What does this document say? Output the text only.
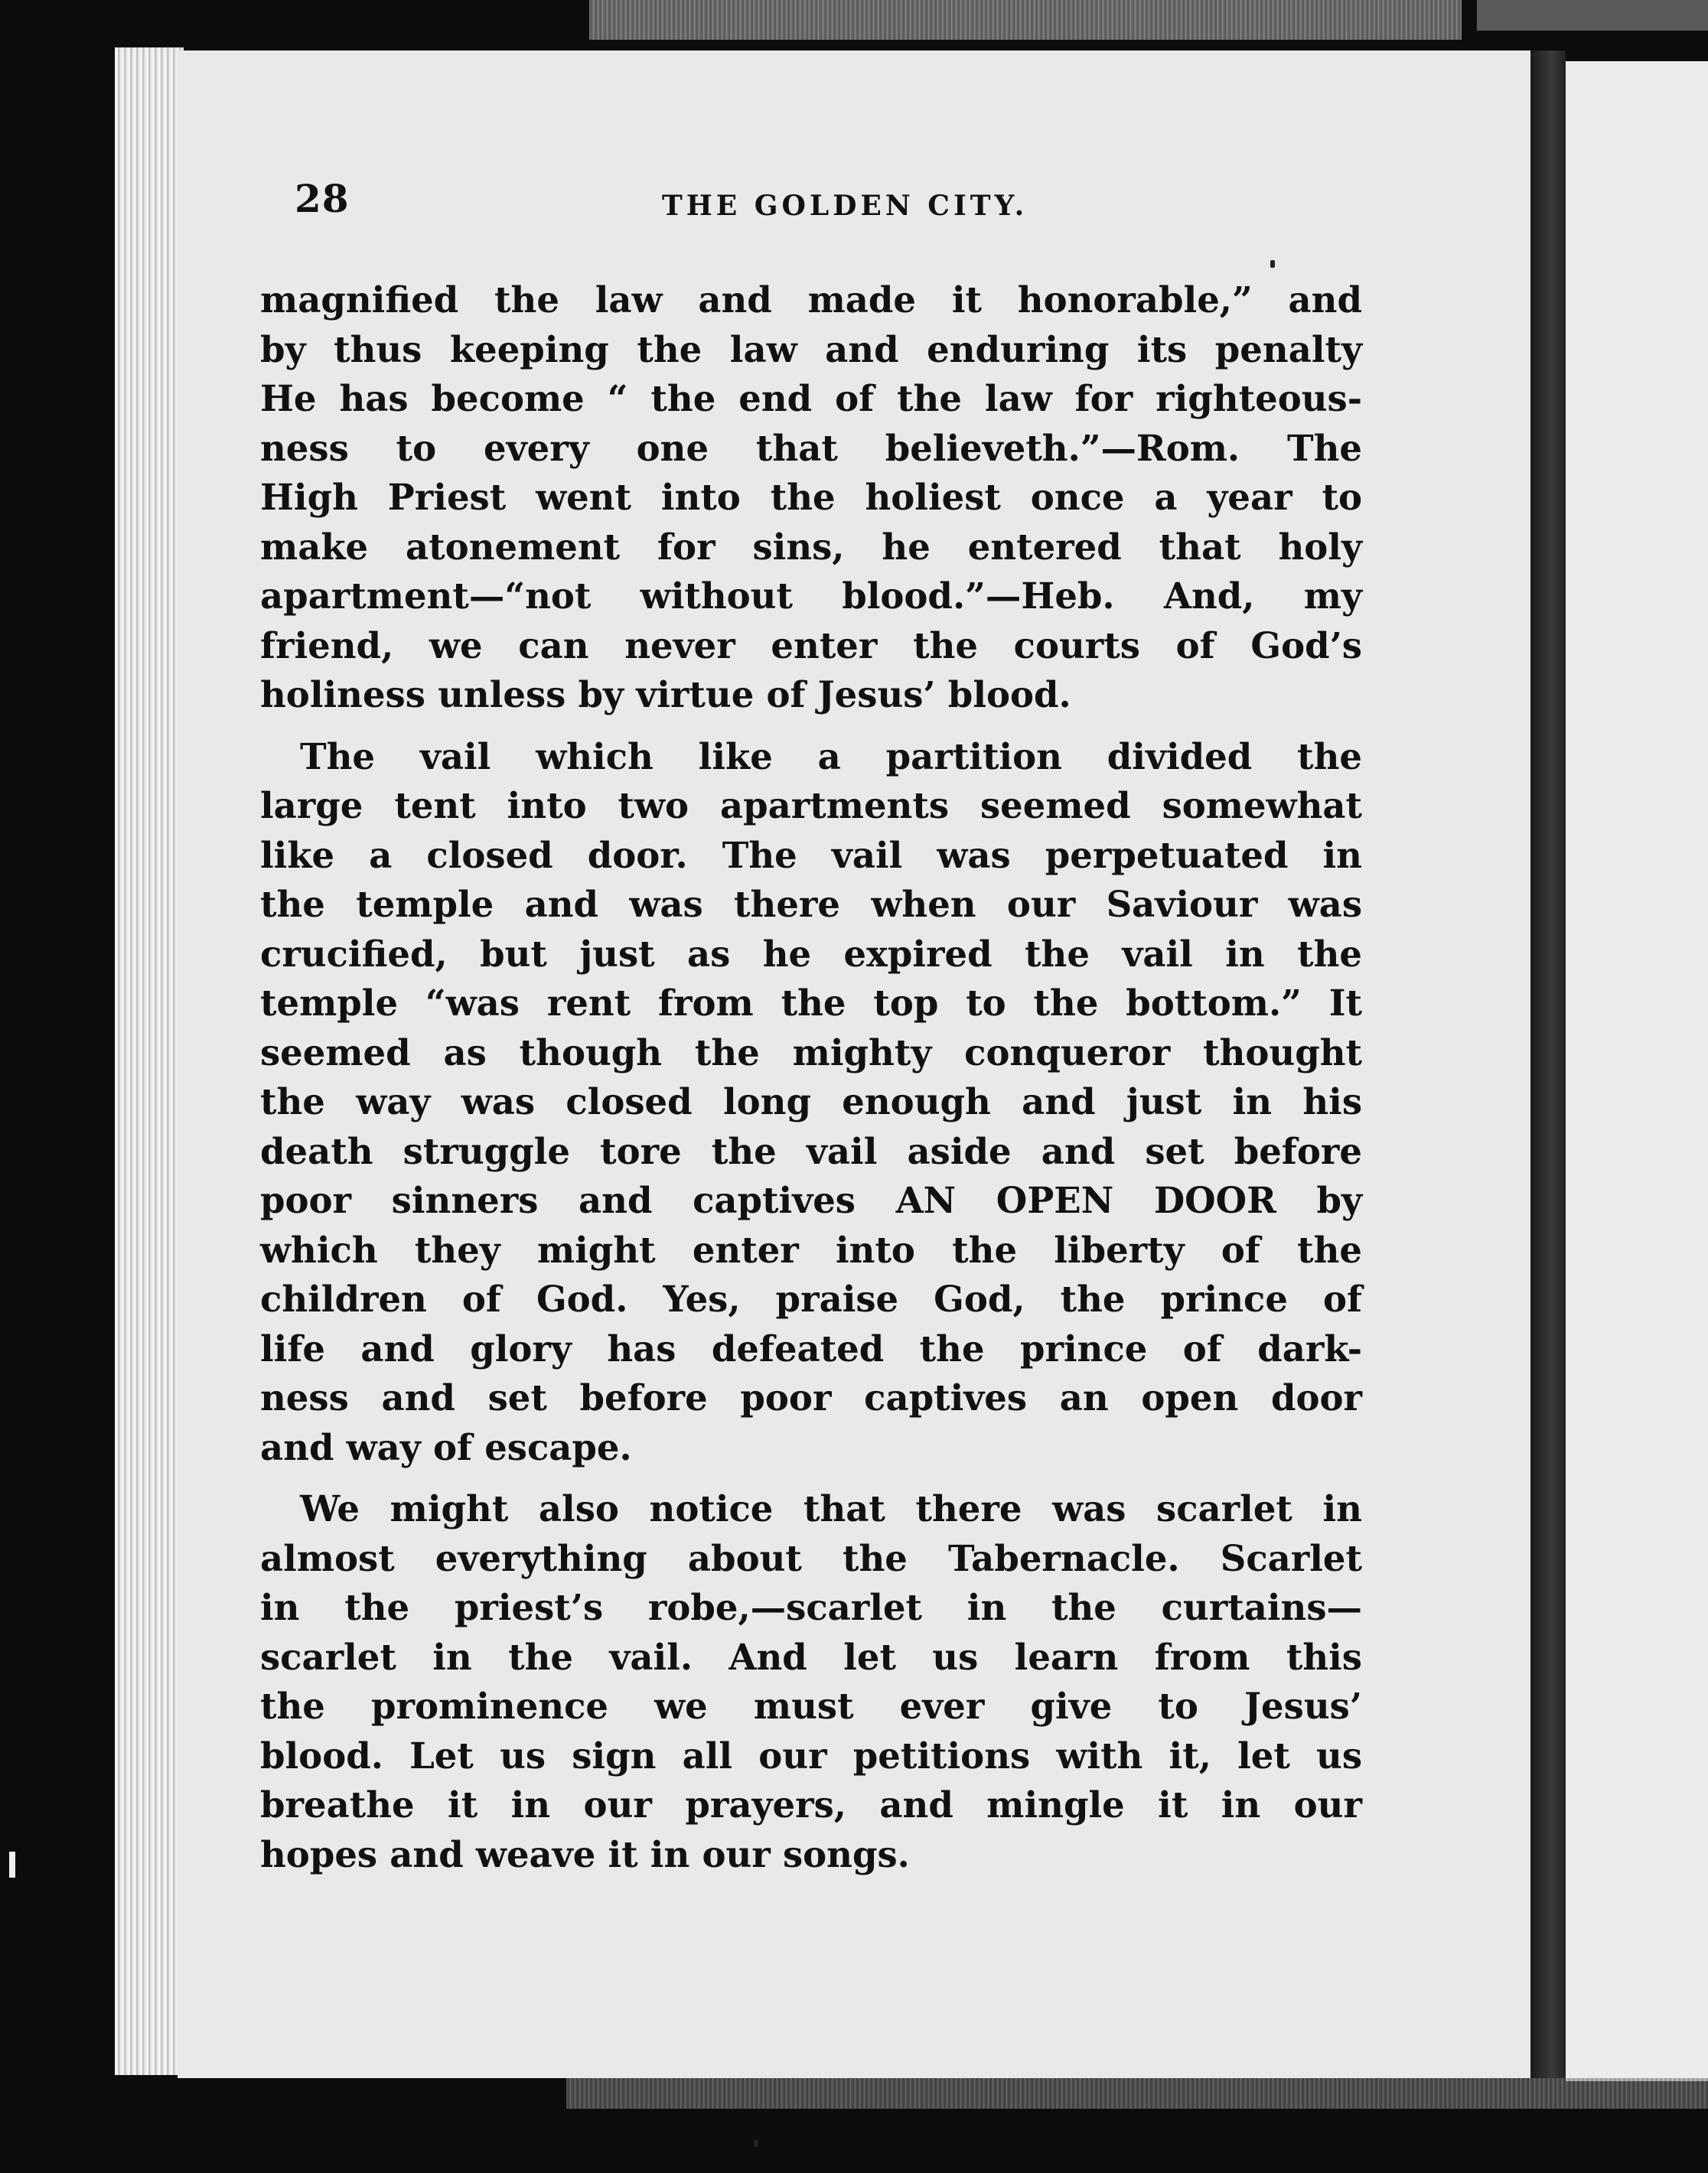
28	THE GOLDEN CITY.
magnified the law and made it honorable,” and
by thus keeping the law and enduring its penalty
He has become “ the end of the law for righteous-
ness to every one that believeth.”—Rom. The
High Priest went into the holiest once a year to
make atonement for sins, he entered that holy
apartment—“not without blood.”—Heb. And, my
friend, we can never enter the courts of God’s
holiness unless by virtue of Jesus’ blood.
The vail which like a partition divided the
large tent into two apartments seemed somewhat
like a closed door. The vail was perpetuated in
the temple and was there when our Saviour was
crucified, but just as he expired the vail in the
temple “was rent from the top to the bottom.” It
seemed as though the mighty conqueror thought
the way was closed long enough and just in his
death struggle tore the vail aside and set before
poor sinners and captives AN OPEN DOOR by
which they might enter into the liberty of the
children of God. Yes, praise God, the prince of
life and glory has defeated the prince of dark-
ness and set before poor captives an open door
and way of escape.
We might also notice that there was scarlet in
almost everything about the Tabernacle. Scarlet
in the priest’s robe,—scarlet in the curtains—
scarlet in the vail. And let us learn from this
the prominence we must ever give to Jesus’
blood. Let us sign all our petitions with it, let us
breathe it in our prayers, and mingle it in our
hopes and weave it in our songs.
